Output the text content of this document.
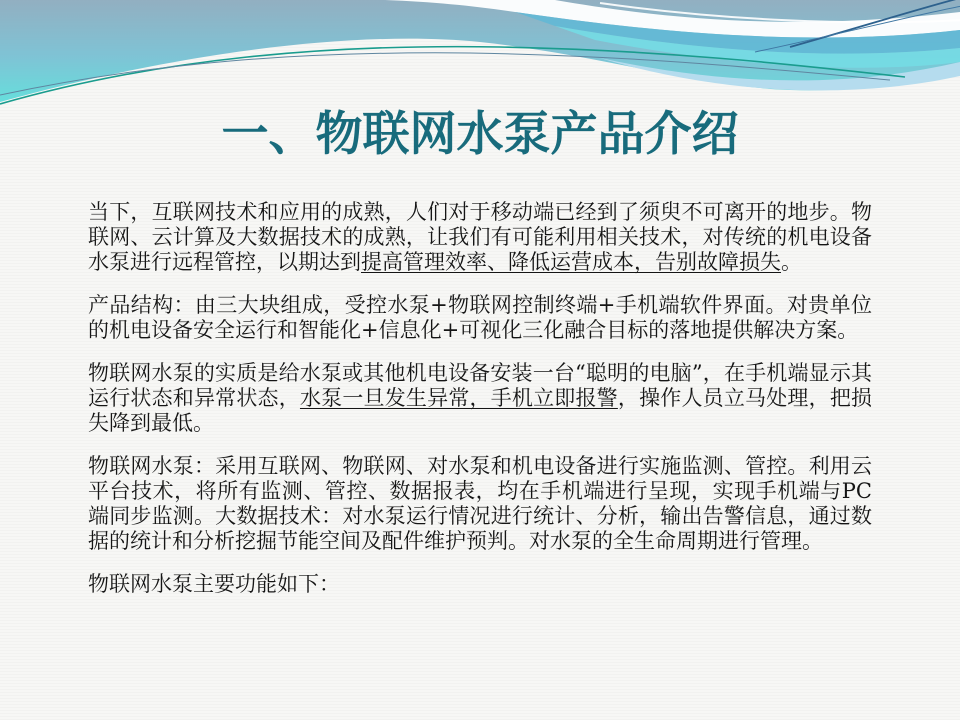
一、物联网水泵产品介绍

当下，互联网技术和应用的成熟，人们对于移动端已经到了须臾不可离开的地步。物联网、云计算及大数据技术的成熟，让我们有可能利用相关技术，对传统的机电设备水泵进行远程管控，以期达到提高管理效率、降低运营成本，告别故障损失。

产品结构：由三大块组成，受控水泵+物联网控制终端+手机端软件界面。对贵单位的机电设备安全运行和智能化+信息化+可视化三化融合目标的落地提供解决方案。

物联网水泵的实质是给水泵或其他机电设备安装一台“聪明的电脑”，在手机端显示其运行状态和异常状态，水泵一旦发生异常，手机立即报警，操作人员立马处理，把损失降到最低。

物联网水泵：采用互联网、物联网、对水泵和机电设备进行实施监测、管控。利用云平台技术，将所有监测、管控、数据报表，均在手机端进行呈现，实现手机端与PC端同步监测。大数据技术：对水泵运行情况进行统计、分析，输出告警信息，通过数据的统计和分析挖掘节能空间及配件维护预判。对水泵的全生命周期进行管理。

物联网水泵主要功能如下：
